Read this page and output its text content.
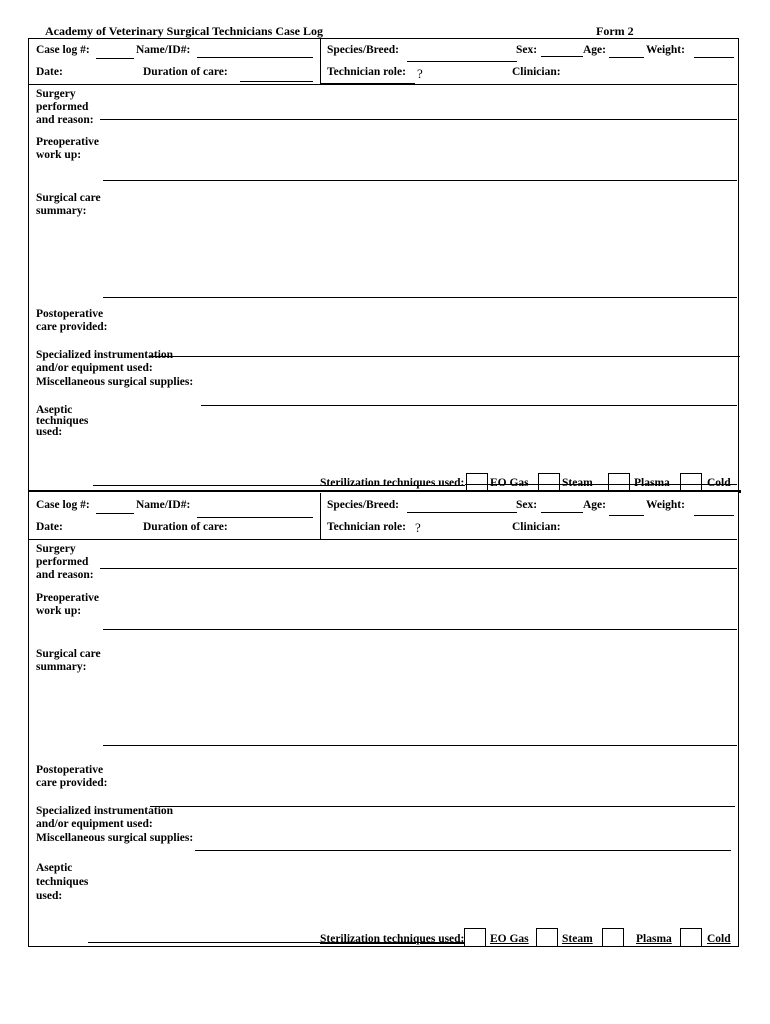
Academy of Veterinary Surgical Technicians Case Log	Form 2
Case log #:	Name/ID#:	Species/Breed:	Sex:	Age:	Weight:
Date:	Duration of care:	Technician role: ?	Clinician:
Surgery
performed
and reason:
Preoperative
work up:
Surgical care
summary:
Postoperative
care provided:
Specialized instrumentation
and/or equipment used:
Miscellaneous surgical supplies:
Aseptic
techniques
used:
Sterilization techniques used: EO Gas	Steam	Plasma	Cold
Case log #:	Name/ID#:	Species/Breed:	Sex:	Age:	Weight:
Date:	Duration of care:	Technician role: ?	Clinician:
Surgery
performed
and reason:
Preoperative
work up:
Surgical care
summary:
Postoperative
care provided:
Specialized instrumentation
and/or equipment used:
Miscellaneous surgical supplies:
Aseptic
techniques
used:
Sterilization techniques used: EO Gas	Steam	Plasma	Cold
